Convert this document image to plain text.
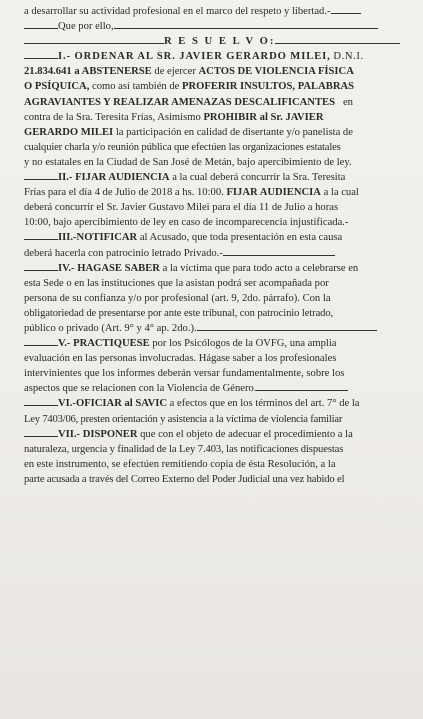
a desarrollar su actividad profesional en el marco del respeto y libertad.-
Que por ello,
R E S U E L V O:
I.- ORDENAR AL SR. JAVIER GERARDO MILEI, D.N.I.
21.834.641 a ABSTENERSE de ejercer ACTOS DE VIOLENCIA FÍSICA
O PSÍQUICA, como así también de PROFERIR INSULTOS, PALABRAS
AGRAVIANTES Y REALIZAR AMENAZAS DESCALIFICANTES en
contra de la Sra. Teresita Frías, Asimismo PROHIBIR al Sr. JAVIER
GERARDO MILEI la participación en calidad de disertante y/o panelista de
cualquier charla y/o reunión pública que efectúen las organizaciones estatales
y no estatales en la Ciudad de San José de Metán, bajo apercibimiento de ley.
II.- FIJAR AUDIENCIA a la cual deberá concurrir la Sra. Teresita
Frías para el día 4 de Julio de 2018 a hs. 10:00. FIJAR AUDIENCIA a la cual
deberá concurrir el Sr. Javier Gustavo Milei para el día 11 de Julio a horas
10:00, bajo apercibimiento de ley en caso de incomparecencia injustificada.-
III.-NOTIFICAR al Acusado, que toda presentación en esta causa
deberá hacerla con patrocinio letrado Privado.-
IV.- HAGASE SABER a la víctima que para todo acto a celebrarse en
esta Sede o en las instituciones que la asistan podrá ser acompañada por
persona de su confianza y/o por profesional (art. 9, 2do. párrafo). Con la
obligatoriedad de presentarse por ante este tribunal, con patrocinio letrado,
público o privado (Art. 9° y 4° ap. 2do.).
V.- PRACTIQUESE por los Psicólogos de la OVFG, una amplia
evaluación en las personas involucradas. Hágase saber a los profesionales
intervinientes que los informes deberán versar fundamentalmente, sobre los
aspectos que se relacionen con la Violencia de Género.
VI.-OFICIAR al SAVIC a efectos que en los términos del art. 7° de la
Ley 7403/06, presten orientación y asistencia a la víctima de violencia familiar
VII.- DISPONER que con el objeto de adecuar el procedimiento a la
naturaleza, urgencia y finalidad de la Ley 7.403, las notificaciones dispuestas
en este instrumento, se efectúen remitiendo copia de ésta Resolución, a la
parte acusada a través del Correo Externo del Poder Judicial una vez habido el
